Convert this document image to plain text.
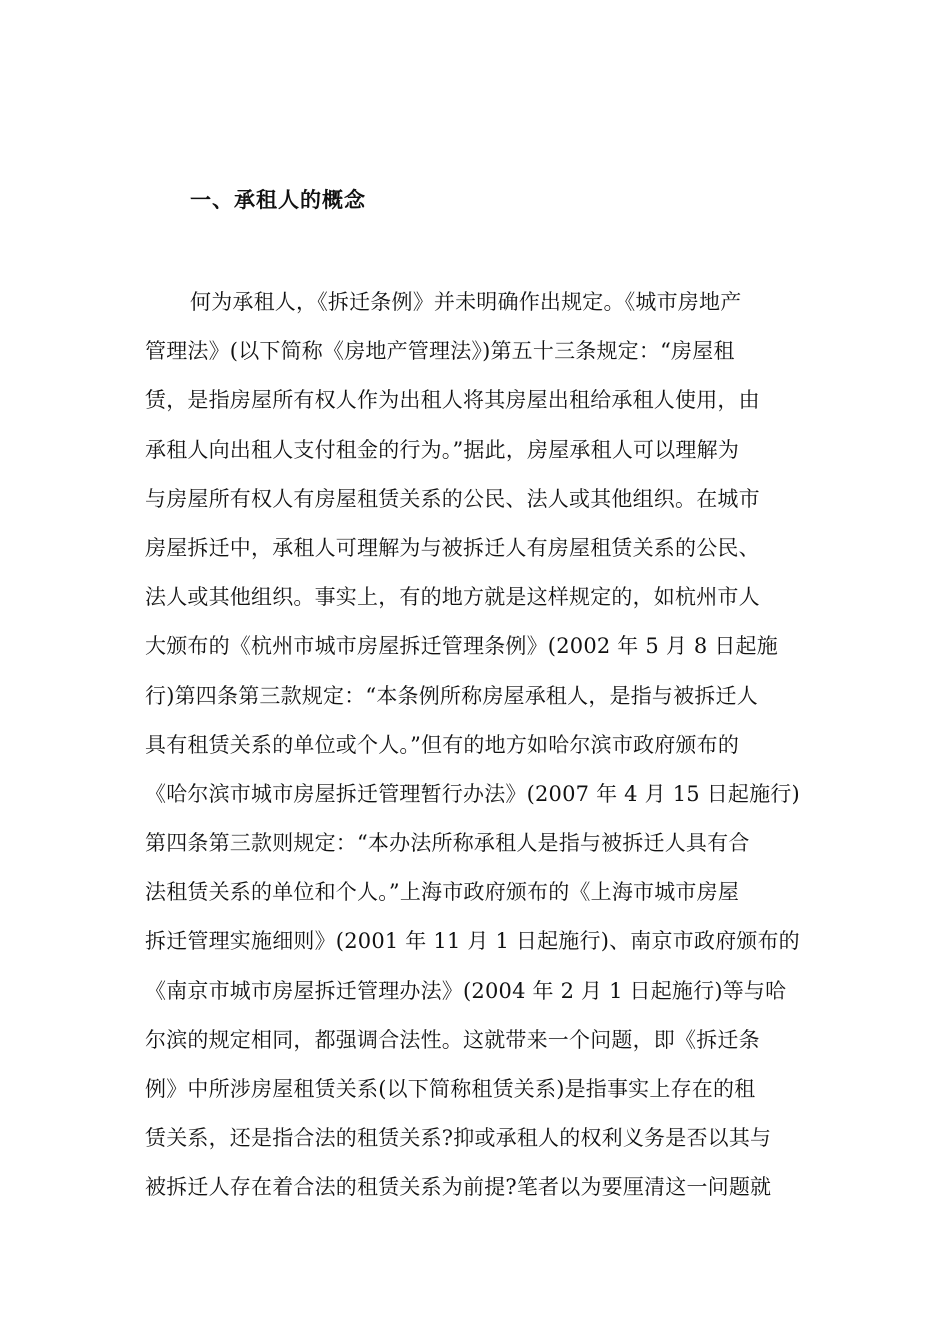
一、承租人的概念
何为承租人，《拆迁条例》并未明确作出规定。《城市房地产
管理法》(以下简称《房地产管理法》)第五十三条规定：“房屋租
赁，是指房屋所有权人作为出租人将其房屋出租给承租人使用，由
承租人向出租人支付租金的行为。”据此，房屋承租人可以理解为
与房屋所有权人有房屋租赁关系的公民、法人或其他组织。在城市
房屋拆迁中，承租人可理解为与被拆迁人有房屋租赁关系的公民、
法人或其他组织。事实上，有的地方就是这样规定的，如杭州市人
大颁布的《杭州市城市房屋拆迁管理条例》(2002 年 5 月 8 日起施
行)第四条第三款规定：“本条例所称房屋承租人，是指与被拆迁人
具有租赁关系的单位或个人。”但有的地方如哈尔滨市政府颁布的
《哈尔滨市城市房屋拆迁管理暂行办法》(2007 年 4 月 15 日起施行)
第四条第三款则规定：“本办法所称承租人是指与被拆迁人具有合
法租赁关系的单位和个人。”上海市政府颁布的《上海市城市房屋
拆迁管理实施细则》(2001 年 11 月 1 日起施行)、南京市政府颁布的
《南京市城市房屋拆迁管理办法》(2004 年 2 月 1 日起施行)等与哈
尔滨的规定相同，都强调合法性。这就带来一个问题，即《拆迁条
例》中所涉房屋租赁关系(以下简称租赁关系)是指事实上存在的租
赁关系，还是指合法的租赁关系?抑或承租人的权利义务是否以其与
被拆迁人存在着合法的租赁关系为前提?笔者以为要厘清这一问题就
